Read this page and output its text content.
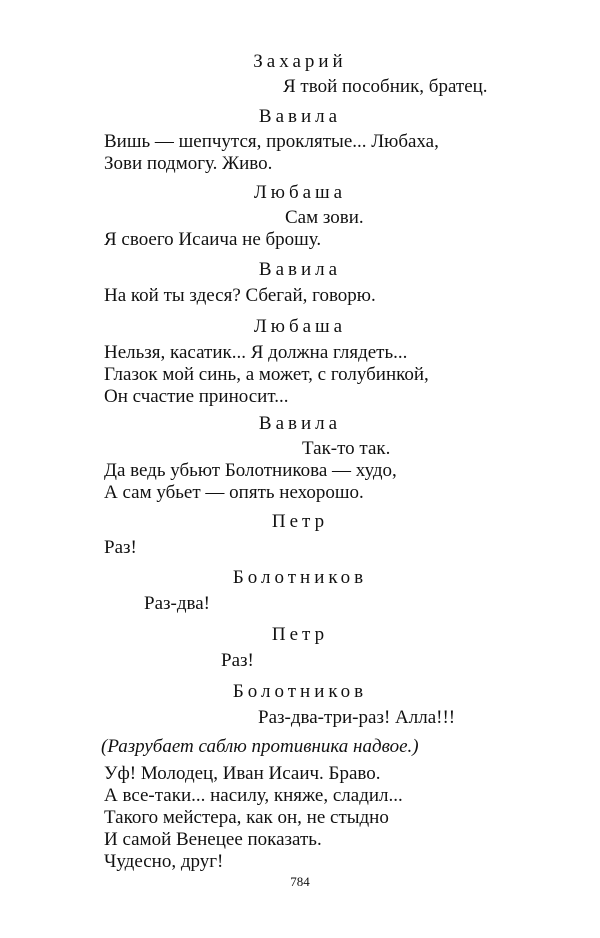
Захарий
Я твой пособник, братец.
Вавила
Вишь — шепчутся, проклятые... Любаха,
Зови подмогу. Живо.
Любаша
Сам зови.
Я своего Исаича не брошу.
Вавила
На кой ты здеся? Сбегай, говорю.
Любаша
Нельзя, касатик... Я должна глядеть...
Глазок мой синь, а может, с голубинкой,
Он счастие приносит...
Вавила
Так-то так.
Да ведь убьют Болотникова — худо,
А сам убьет — опять нехорошо.
Петр
Раз!
Болотников
Раз-два!
Петр
Раз!
Болотников
Раз-два-три-раз! Алла!!!
(Разрубает саблю противника надвое.)
Уф! Молодец, Иван Исаич. Браво.
А все-таки... насилу, княже, сладил...
Такого мейстера, как он, не стыдно
И самой Венецее показать.
Чудесно, друг!
784
